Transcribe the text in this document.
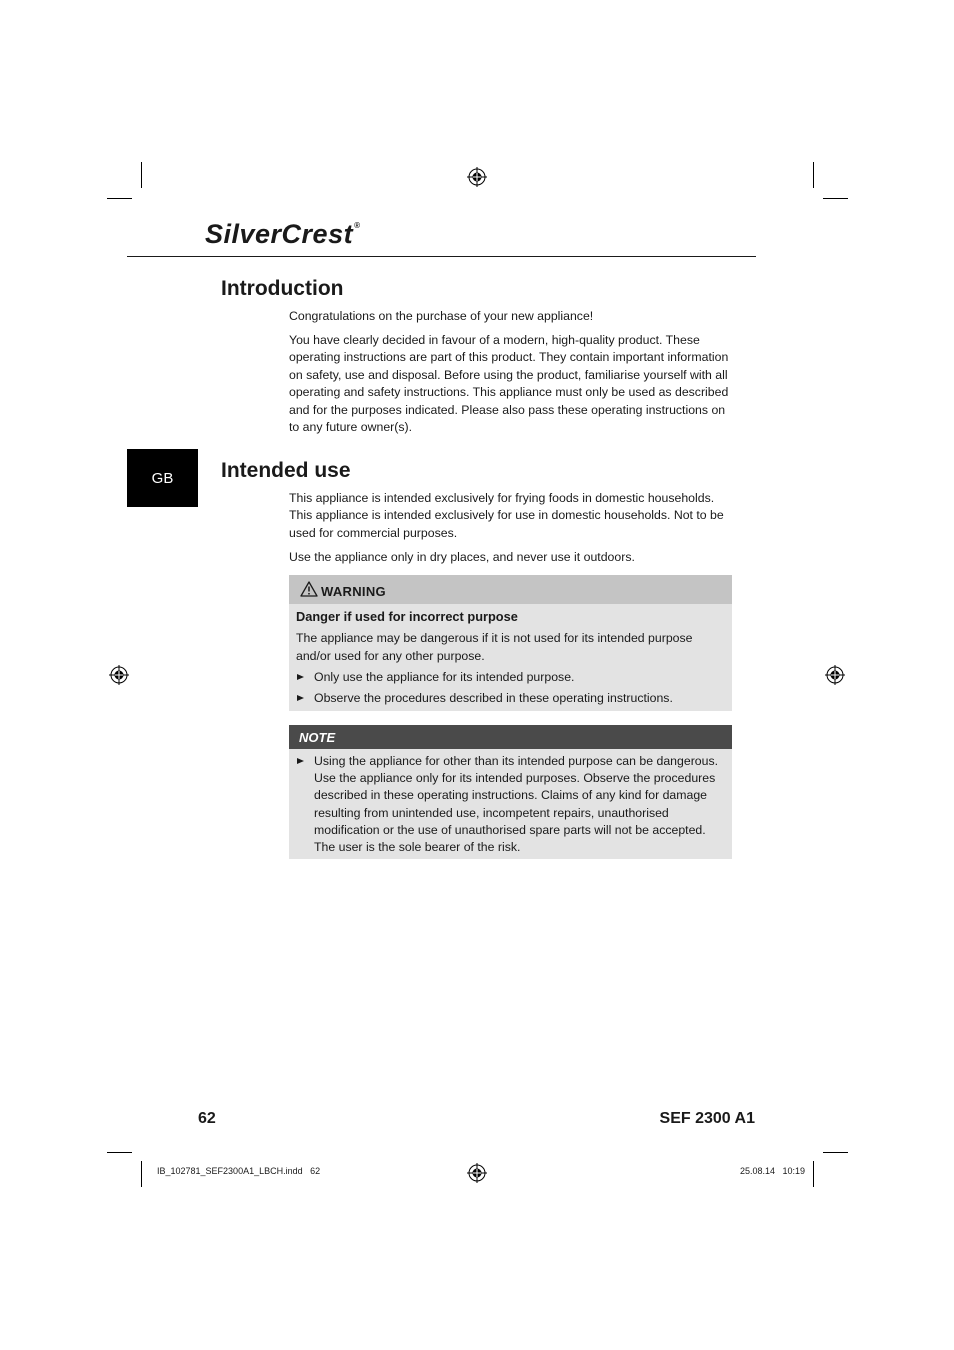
SilverCrest®
Introduction

Congratulations on the purchase of your new appliance!

You have clearly decided in favour of a modern, high-quality product. These operating instructions are part of this product. They contain important information on safety, use and disposal. Before using the product, familiarise yourself with all operating and safety instructions. This appliance must only be used as described and for the purposes indicated. Please also pass these operating instructions on to any future owner(s).

GB	Intended use

This appliance is intended exclusively for frying foods in domestic households. This appliance is intended exclusively for use in domestic households. Not to be used for commercial purposes.

Use the appliance only in dry places, and never use it outdoors.

WARNING
Danger if used for incorrect purpose

The appliance may be dangerous if it is not used for its intended purpose and/or used for any other purpose.

Only use the appliance for its intended purpose.
Observe the procedures described in these operating instructions.
NOTE

Using the appliance for other than its intended purpose can be dangerous. Use the appliance only for its intended purposes. Observe the procedures described in these operating instructions. Claims of any kind for damage resulting from unintended use, incompetent repairs, unauthorised modification or the use of unauthorised spare parts will not be accepted. The user is the sole bearer of the risk.

62	SEF 2300 A1
IB_102781_SEF2300A1_LBCH.indd   62	25.08.14   10:19
